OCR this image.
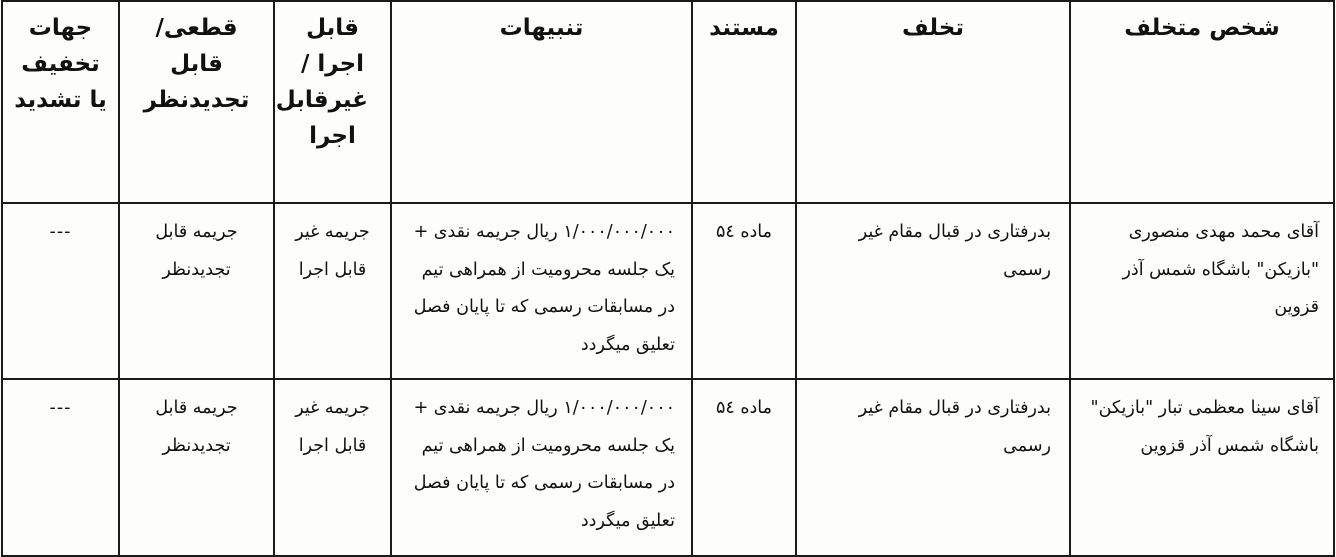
شخص متخلف	تخلف	مستند	تنبیهات	قابل اجرا /غیرقابل اجرا	قطعی/قابل تجدیدنظر	جهات تخفیف یا تشدید

آقای محمد مهدی منصوری "بازیکن" باشگاه شمس آذر قزوین	بدرفتاری در قبال مقام غیر رسمی	ماده ۵٤	۱/۰۰۰/۰۰۰/۰۰۰ ریال جریمه نقدی + یک جلسه محرومیت از همراهی تیم در مسابقات رسمی که تا پایان فصل تعلیق میگردد	جریمه غیر قابل اجرا	جریمه قابل تجدیدنظر	---

آقای سینا معظمی تبار "بازیکن" باشگاه شمس آذر قزوین	بدرفتاری در قبال مقام غیر رسمی	ماده ۵٤	۱/۰۰۰/۰۰۰/۰۰۰ ریال جریمه نقدی + یک جلسه محرومیت از همراهی تیم در مسابقات رسمی که تا پایان فصل تعلیق میگردد	جریمه غیر قابل اجرا	جریمه قابل تجدیدنظر	---
